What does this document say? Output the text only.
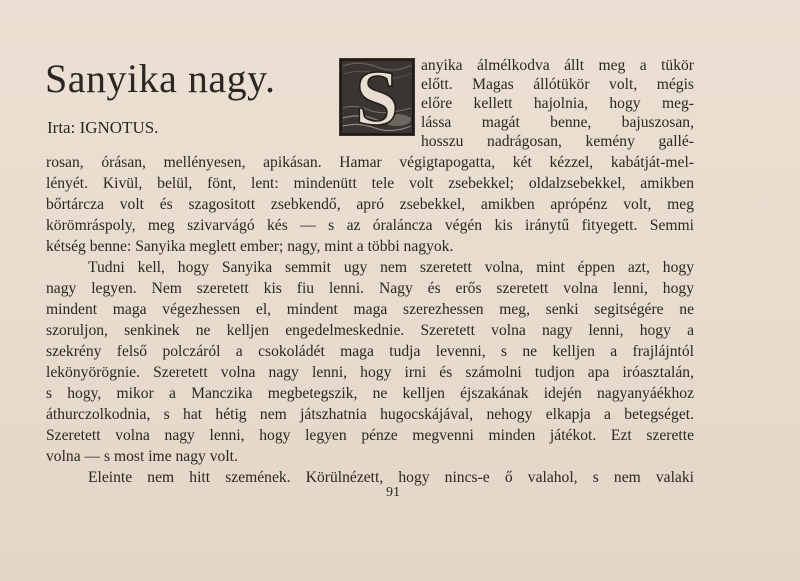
Sanyika nagy.

Irta: IGNOTUS.	S anyika álmélkodva állt meg a tükör

előtt. Magas állótükör volt, mégis

előre kellett hajolnia, hogy meg-

lássa magát benne, bajuszosan,

hosszu nadrágosan, kemény gallé-

rosan, órásan, mellényesen, apikásan. Hamar végigtapogatta, két kézzel, kabátját-mel-

lényét. Kivül, belül, fönt, lent: mindenütt tele volt zsebekkel; oldalzsebekkel, amikben

bőrtárcza volt és szagositott zsebkendő, apró zsebekkel, amikben aprópénz volt, meg

körömráspoly, meg szivarvágó kés — s az óraláncza végén kis iránytű fityegett. Semmi

kétség benne: Sanyika meglett ember; nagy, mint a többi nagyok.

Tudni kell, hogy Sanyika semmit ugy nem szeretett volna, mint éppen azt, hogy

nagy legyen. Nem szeretett kis fiu lenni. Nagy és erős szeretett volna lenni, hogy

mindent maga végezhessen el, mindent maga szerezhessen meg, senki segitségére ne

szoruljon, senkinek ne kelljen engedelmeskednie. Szeretett volna nagy lenni, hogy a

szekrény felső polczáról a csokoládét maga tudja levenni, s ne kelljen a frajlájntól

lekönyörögnie. Szeretett volna nagy lenni, hogy irni és számolni tudjon apa iróasztalán,

s hogy, mikor a Manczika megbetegszik, ne kelljen éjszakának idején nagyanyáékhoz

áthurczolkodnia, s hat hétig nem játszhatnia hugocskájával, nehogy elkapja a betegséget.

Szeretett volna nagy lenni, hogy legyen pénze megvenni minden játékot. Ezt szerette

volna — s most ime nagy volt.

Eleinte nem hitt szemének. Körülnézett, hogy nincs-e ő valahol, s nem valaki

91
